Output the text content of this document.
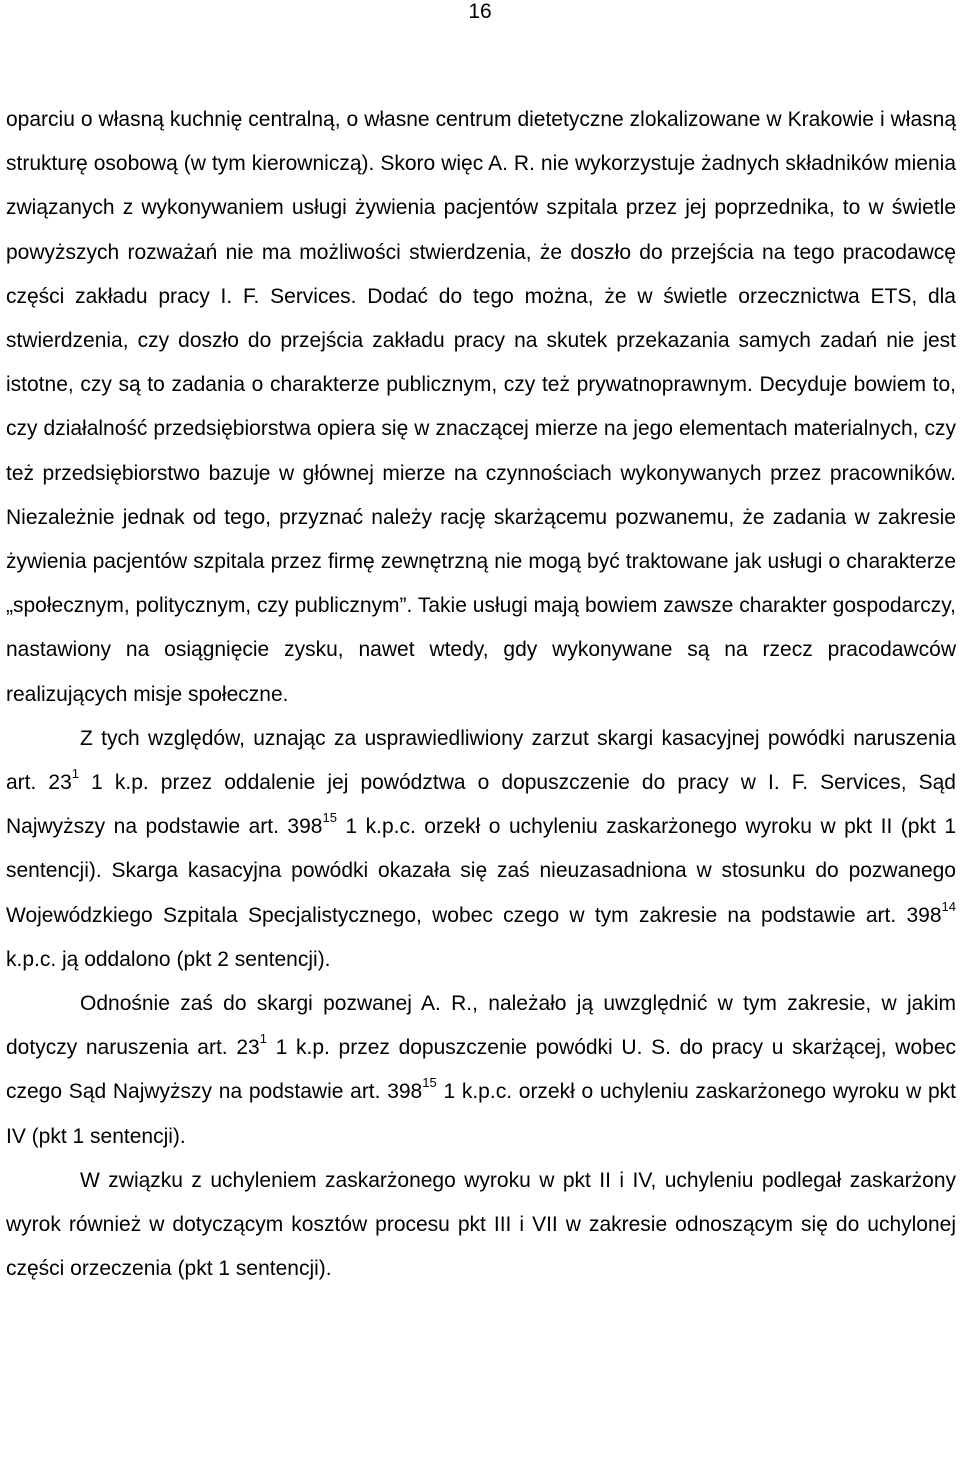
16

oparciu o własną kuchnię centralną, o własne centrum dietetyczne zlokalizowane w Krakowie i własną strukturę osobową (w tym kierowniczą). Skoro więc A. R. nie wykorzystuje żadnych składników mienia związanych z wykonywaniem usługi żywienia pacjentów szpitala przez jej poprzednika, to w świetle powyższych rozważań nie ma możliwości stwierdzenia, że doszło do przejścia na tego pracodawcę części zakładu pracy I. F. Services. Dodać do tego można, że w świetle orzecznictwa ETS, dla stwierdzenia, czy doszło do przejścia zakładu pracy na skutek przekazania samych zadań nie jest istotne, czy są to zadania o charakterze publicznym, czy też prywatnoprawnym. Decyduje bowiem to, czy działalność przedsiębiorstwa opiera się w znaczącej mierze na jego elementach materialnych, czy też przedsiębiorstwo bazuje w głównej mierze na czynnościach wykonywanych przez pracowników. Niezależnie jednak od tego, przyznać należy rację skarżącemu pozwanemu, że zadania w zakresie żywienia pacjentów szpitala przez firmę zewnętrzną nie mogą być traktowane jak usługi o charakterze „społecznym, politycznym, czy publicznym”. Takie usługi mają bowiem zawsze charakter gospodarczy, nastawiony na osiągnięcie zysku, nawet wtedy, gdy wykonywane są na rzecz pracodawców realizujących misje społeczne.

Z tych względów, uznając za usprawiedliwiony zarzut skargi kasacyjnej powódki naruszenia art. $23^1$ 1 k.p. przez oddalenie jej powództwa o dopuszczenie do pracy w I. F. Services, Sąd Najwyższy na podstawie art. $398^{15}$ 1 k.p.c. orzekł o uchyleniu zaskarżonego wyroku w pkt II (pkt 1 sentencji). Skarga kasacyjna powódki okazała się zaś nieuzasadniona w stosunku do pozwanego Wojewódzkiego Szpitala Specjalistycznego, wobec czego w tym zakresie na podstawie art. $398^{14}$ k.p.c. ją oddalono (pkt 2 sentencji).

Odnośnie zaś do skargi pozwanej A. R., należało ją uwzględnić w tym zakresie, w jakim dotyczy naruszenia art. $23^1$ 1 k.p. przez dopuszczenie powódki U. S. do pracy u skarżącej, wobec czego Sąd Najwyższy na podstawie art. $398^{15}$ 1 k.p.c. orzekł o uchyleniu zaskarżonego wyroku w pkt IV (pkt 1 sentencji).

W związku z uchyleniem zaskarżonego wyroku w pkt II i IV, uchyleniu podlegał zaskarżony wyrok również w dotyczącym kosztów procesu pkt III i VII w zakresie odnoszącym się do uchylonej części orzeczenia (pkt 1 sentencji).
